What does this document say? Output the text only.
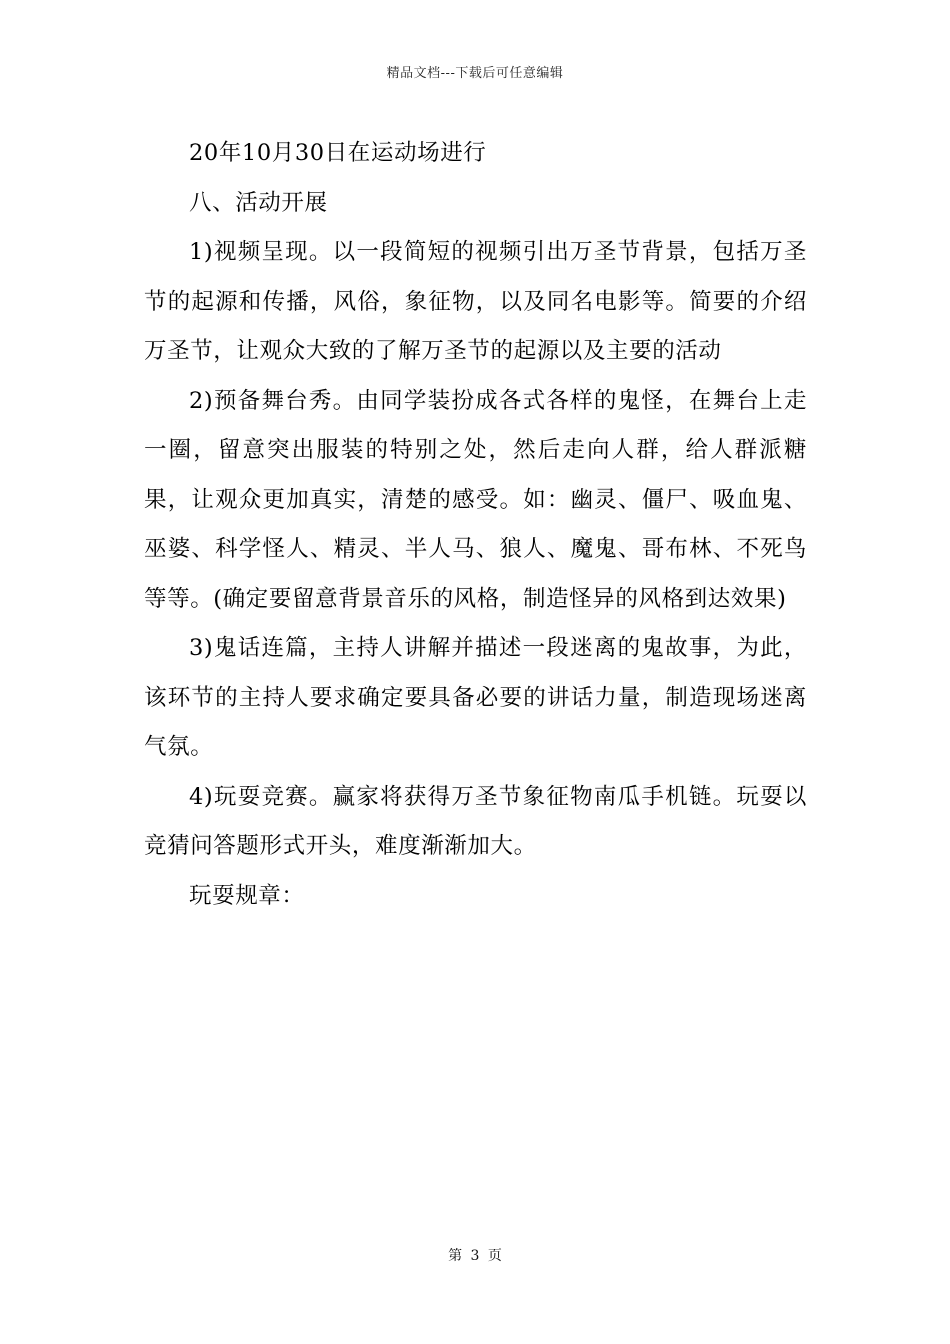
精品文档---下载后可任意编辑

20年10月30日在运动场进行

八、活动开展

1)视频呈现。以一段简短的视频引出万圣节背景，包括万圣节的起源和传播，风俗，象征物，以及同名电影等。简要的介绍万圣节，让观众大致的了解万圣节的起源以及主要的活动

2)预备舞台秀。由同学装扮成各式各样的鬼怪，在舞台上走一圈，留意突出服装的特别之处，然后走向人群，给人群派糖果，让观众更加真实，清楚的感受。如：幽灵、僵尸、吸血鬼、巫婆、科学怪人、精灵、半人马、狼人、魔鬼、哥布林、不死鸟等等。(确定要留意背景音乐的风格，制造怪异的风格到达效果)

3)鬼话连篇，主持人讲解并描述一段迷离的鬼故事，为此，该环节的主持人要求确定要具备必要的讲话力量，制造现场迷离气氛。

4)玩耍竞赛。赢家将获得万圣节象征物南瓜手机链。玩耍以竞猜问答题形式开头，难度渐渐加大。

玩耍规章：

第 3 页
